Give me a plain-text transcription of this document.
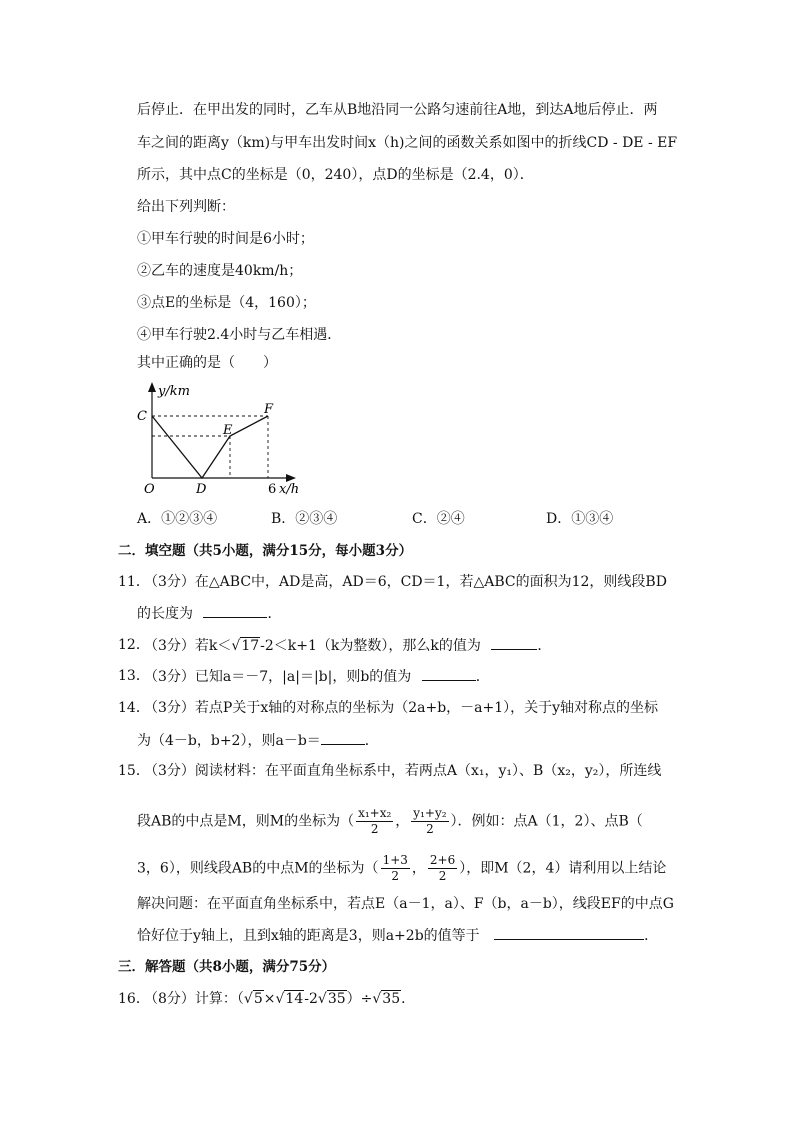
后停止．在甲出发的同时，乙车从B地沿同一公路匀速前往A地，到达A地后停止．两
车之间的距离y（km)与甲车出发时间x（h)之间的函数关系如图中的折线CD - DE - EF
所示，其中点C的坐标是（0，240），点D的坐标是（2.4，0）．
给出下列判断：
①甲车行驶的时间是6小时；
②乙车的速度是40km/h；
③点E的坐标是（4，160）；
④甲车行驶2.4小时与乙车相遇．
其中正确的是（　　）
y/km
C
E
F
O	D	6 x/h
A．①②③④	B．②③④	C．②④	D．①③④
二．填空题（共5小题，满分15分，每小题3分）
11．
（3分）在△ABC中，AD是高，AD＝6，CD＝1，若△ABC的面积为12，则线段BD
的长度为	．
12．
（3分）若k＜√17-2＜k+1（k为整数），那么k的值为	．
13．
（3分）已知a＝－7，|a|＝|b|，则b的值为	．
14．
（3分）若点P关于x轴的对称点的坐标为（2a+b，－a+1），关于y轴对称点的坐标
为（4－b，b+2），则a－b＝	．
15．
（3分）阅读材料：在平面直角坐标系中，若两点A（x₁，y₁）、B（x₂，y₂），所连线
段AB的中点是M，则M的坐标为（ $\frac{\text{x₁+x₂}}{2}$ ， $\frac{\text{y₁+y₂}}{2}$ ）．例如：点A（1，2）、点B（
3，6），则线段AB的中点M的坐标为（ $\frac{1+3}{2}$ ， $\frac{2+6}{2}$ ），即M（2，4）请利用以上结论
解决问题：在平面直角坐标系中，若点E（a－1，a）、F（b，a－b），线段EF的中点G
恰好位于y轴上，且到x轴的距离是3，则a+2b的值等于	．
三．解答题（共8小题，满分75分）
16．
（8分）计算：（√5×√14-2√35）÷√35．
